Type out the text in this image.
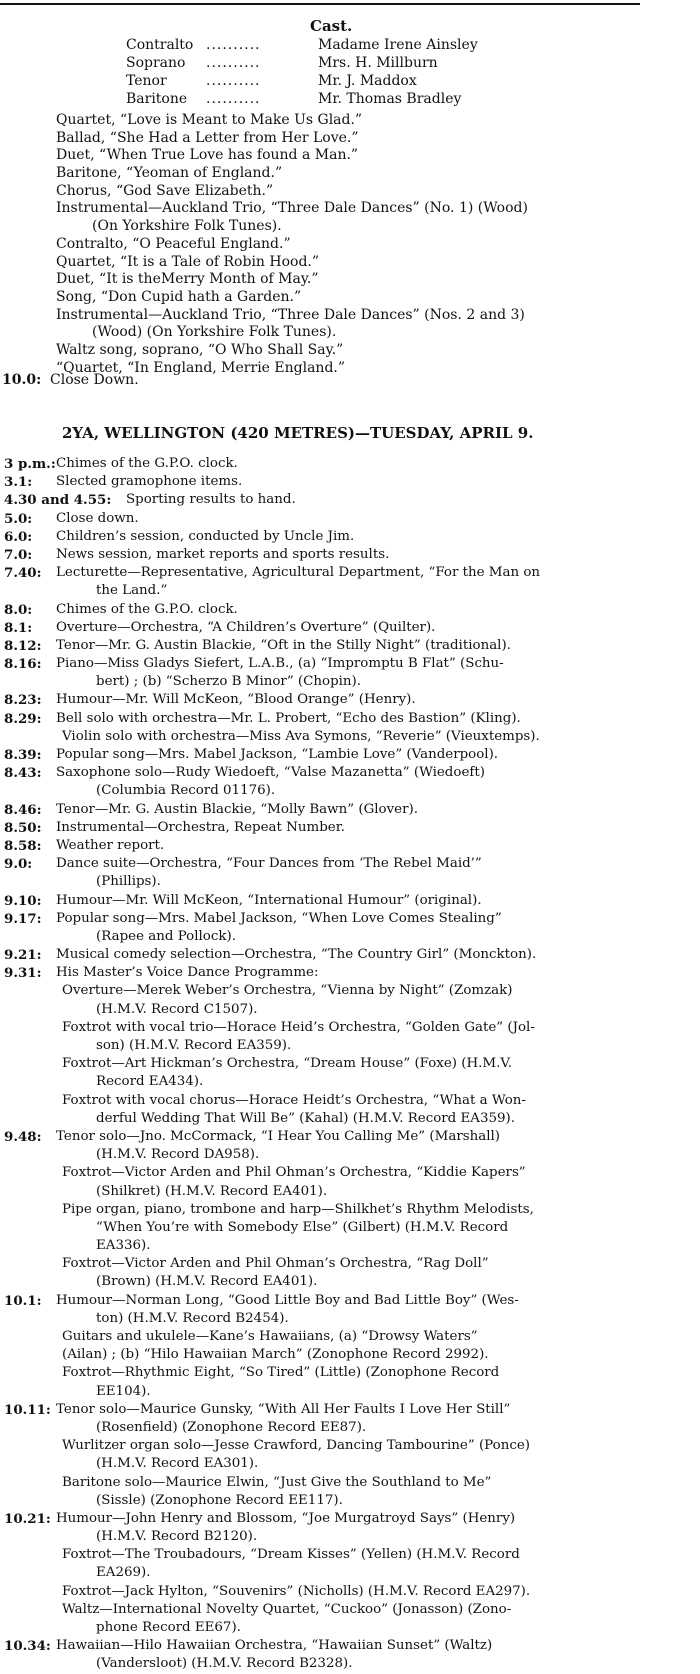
Cast.
Contralto ..........	Madame Irene Ainsley
Soprano	..........	Mrs. H. Millburn
Tenor	..........	Mr. J. Maddox
Baritone	..........	Mr. Thomas Bradley
Quartet, “Love is Meant to Make Us Glad.”
Ballad, “She Had a Letter from Her Love.”
Duet, “When True Love has found a Man.”
Baritone, “Yeoman of England.”
Chorus, “God Save Elizabeth.”
Instrumental—Auckland Trio, “Three Dale Dances” (No. 1) (Wood)
(On Yorkshire Folk Tunes).
Contralto, “O Peaceful England.”
Quartet, “It is a Tale of Robin Hood.”
Duet, “It is theMerry Month of May.”
Song, “Don Cupid hath a Garden.”
Instrumental—Auckland Trio, “Three Dale Dances” (Nos. 2 and 3)
(Wood) (On Yorkshire Folk Tunes).
Waltz song, soprano, “O Who Shall Say.”
“Quartet, “In England, Merrie England.”
10.0: Close Down.
2YA, WELLINGTON (420 METRES)—TUESDAY, APRIL 9.
3 p.m.: Chimes of the G.P.O. clock.
3.1: Slected gramophone items.
4.30 and 4.55: Sporting results to hand.
5.0: Close down.
6.0: Children’s session, conducted by Uncle Jim.
7.0: News session, market reports and sports results.
7.40: Lecturette—Representative, Agricultural Department, “For the Man on
the Land.”
8.0: Chimes of the G.P.O. clock.
8.1: Overture—Orchestra, “A Children’s Overture” (Quilter).
8.12: Tenor—Mr. G. Austin Blackie, “Oft in the Stilly Night” (traditional).
8.16: Piano—Miss Gladys Siefert, L.A.B., (a) “Impromptu B Flat” (Schu-
bert) ; (b) “Scherzo B Minor” (Chopin).
8.23: Humour—Mr. Will McKeon, “Blood Orange” (Henry).
8.29: Bell solo with orchestra—Mr. L. Probert, “Echo des Bastion” (Kling).
Violin solo with orchestra—Miss Ava Symons, “Reverie” (Vieuxtemps).
8.39: Popular song—Mrs. Mabel Jackson, “Lambie Love” (Vanderpool).
8.43: Saxophone solo—Rudy Wiedoeft, “Valse Mazanetta” (Wiedoeft)
(Columbia Record 01176).
8.46: Tenor—Mr. G. Austin Blackie, “Molly Bawn” (Glover).
8.50: Instrumental—Orchestra, Repeat Number.
8.58: Weather report.
9.0: Dance suite—Orchestra, “Four Dances from ‘The Rebel Maid’”
(Phillips).
9.10: Humour—Mr. Will McKeon, “International Humour” (original).
9.17: Popular song—Mrs. Mabel Jackson, “When Love Comes Stealing”
(Rapee and Pollock).
9.21: Musical comedy selection—Orchestra, “The Country Girl” (Monckton).
9.31: His Master’s Voice Dance Programme:
Overture—Merek Weber’s Orchestra, “Vienna by Night” (Zomzak)
(H.M.V. Record C1507).
Foxtrot with vocal trio—Horace Heid’s Orchestra, “Golden Gate” (Jol-
son) (H.M.V. Record EA359).
Foxtrot—Art Hickman’s Orchestra, “Dream House” (Foxe) (H.M.V.
Record EA434).
Foxtrot with vocal chorus—Horace Heidt’s Orchestra, “What a Won-
derful Wedding That Will Be” (Kahal) (H.M.V. Record EA359).
9.48: Tenor solo—Jno. McCormack, “I Hear You Calling Me” (Marshall)
(H.M.V. Record DA958).
Foxtrot—Victor Arden and Phil Ohman’s Orchestra, “Kiddie Kapers”
(Shilkret) (H.M.V. Record EA401).
Pipe organ, piano, trombone and harp—Shilkhet’s Rhythm Melodists,
“When You’re with Somebody Else” (Gilbert) (H.M.V. Record
EA336).
Foxtrot—Victor Arden and Phil Ohman’s Orchestra, “Rag Doll”
(Brown) (H.M.V. Record EA401).
10.1: Humour—Norman Long, “Good Little Boy and Bad Little Boy” (Wes-
ton) (H.M.V. Record B2454).
Guitars and ukulele—Kane’s Hawaiians, (a) “Drowsy Waters”
(Ailan) ; (b) “Hilo Hawaiian March” (Zonophone Record 2992).
Foxtrot—Rhythmic Eight, “So Tired” (Little) (Zonophone Record
EE104).
10.11: Tenor solo—Maurice Gunsky, “With All Her Faults I Love Her Still”
(Rosenfield) (Zonophone Record EE87).
Wurlitzer organ solo—Jesse Crawford, Dancing Tambourine” (Ponce)
(H.M.V. Record EA301).
Baritone solo—Maurice Elwin, “Just Give the Southland to Me”
(Sissle) (Zonophone Record EE117).
10.21: Humour—John Henry and Blossom, “Joe Murgatroyd Says” (Henry)
(H.M.V. Record B2120).
Foxtrot—The Troubadours, “Dream Kisses” (Yellen) (H.M.V. Record
EA269).
Foxtrot—Jack Hylton, “Souvenirs” (Nicholls) (H.M.V. Record EA297).
Waltz—International Novelty Quartet, “Cuckoo” (Jonasson) (Zono-
phone Record EE67).
10.34: Hawaiian—Hilo Hawaiian Orchestra, “Hawaiian Sunset” (Waltz)
(Vandersloot) (H.M.V. Record B2328).
